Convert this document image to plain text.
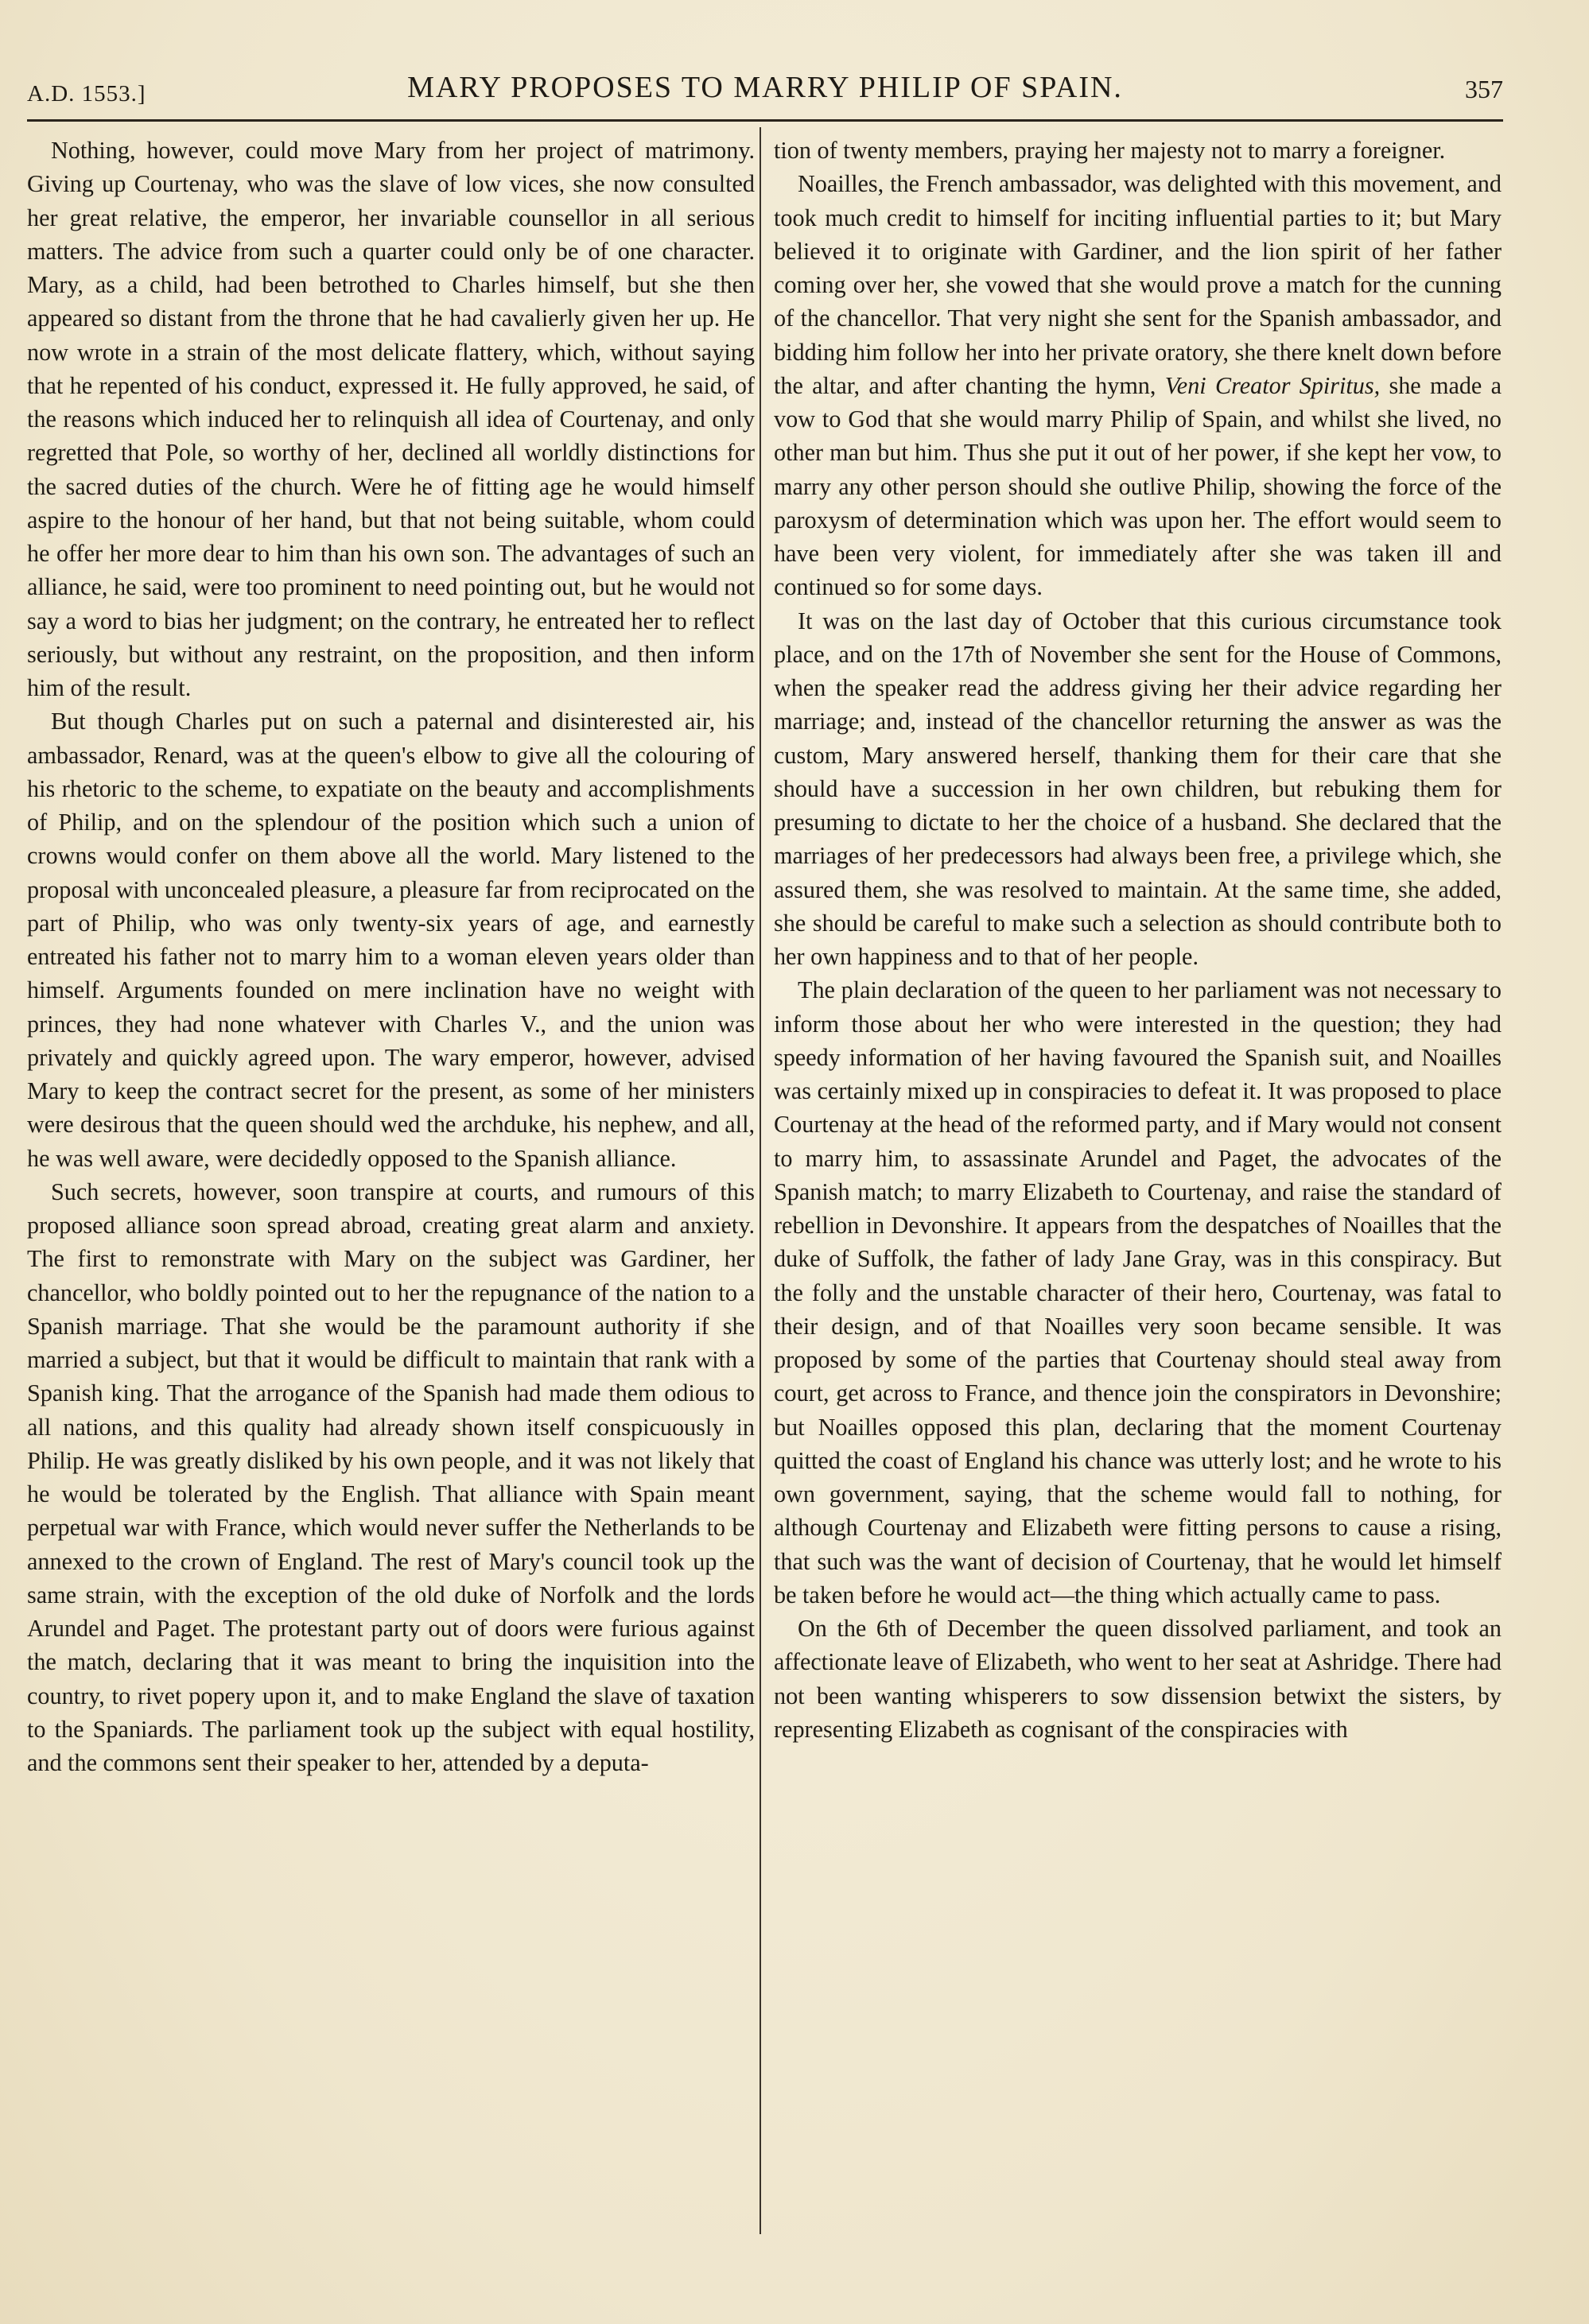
A.D. 1553.]	MARY PROPOSES TO MARRY PHILIP OF SPAIN.	357

Nothing, however, could move Mary from her project of matrimony. Giving up Courtenay, who was the slave of low vices, she now consulted her great relative, the emperor, her invariable counsellor in all serious matters. The advice from such a quarter could only be of one character. Mary, as a child, had been betrothed to Charles himself, but she then appeared so distant from the throne that he had cavalierly given her up. He now wrote in a strain of the most delicate flattery, which, without saying that he repented of his conduct, expressed it. He fully approved, he said, of the reasons which induced her to relinquish all idea of Courtenay, and only regretted that Pole, so worthy of her, declined all worldly distinctions for the sacred duties of the church. Were he of fitting age he would himself aspire to the honour of her hand, but that not being suitable, whom could he offer her more dear to him than his own son. The advantages of such an alliance, he said, were too prominent to need pointing out, but he would not say a word to bias her judgment; on the contrary, he entreated her to reflect seriously, but without any restraint, on the proposition, and then inform him of the result.

But though Charles put on such a paternal and disinterested air, his ambassador, Renard, was at the queen's elbow to give all the colouring of his rhetoric to the scheme, to expatiate on the beauty and accomplishments of Philip, and on the splendour of the position which such a union of crowns would confer on them above all the world. Mary listened to the proposal with unconcealed pleasure, a pleasure far from reciprocated on the part of Philip, who was only twenty-six years of age, and earnestly entreated his father not to marry him to a woman eleven years older than himself. Arguments founded on mere inclination have no weight with princes, they had none whatever with Charles V., and the union was privately and quickly agreed upon. The wary emperor, however, advised Mary to keep the contract secret for the present, as some of her ministers were desirous that the queen should wed the archduke, his nephew, and all, he was well aware, were decidedly opposed to the Spanish alliance.

Such secrets, however, soon transpire at courts, and rumours of this proposed alliance soon spread abroad, creating great alarm and anxiety. The first to remonstrate with Mary on the subject was Gardiner, her chancellor, who boldly pointed out to her the repugnance of the nation to a Spanish marriage. That she would be the paramount authority if she married a subject, but that it would be difficult to maintain that rank with a Spanish king. That the arrogance of the Spanish had made them odious to all nations, and this quality had already shown itself conspicuously in Philip. He was greatly disliked by his own people, and it was not likely that he would be tolerated by the English. That alliance with Spain meant perpetual war with France, which would never suffer the Netherlands to be annexed to the crown of England. The rest of Mary's council took up the same strain, with the exception of the old duke of Norfolk and the lords Arundel and Paget. The protestant party out of doors were furious against the match, declaring that it was meant to bring the inquisition into the country, to rivet popery upon it, and to make England the slave of taxation to the Spaniards. The parliament took up the subject with equal hostility, and the commons sent their speaker to her, attended by a deputa-

tion of twenty members, praying her majesty not to marry a foreigner.

Noailles, the French ambassador, was delighted with this movement, and took much credit to himself for inciting influential parties to it; but Mary believed it to originate with Gardiner, and the lion spirit of her father coming over her, she vowed that she would prove a match for the cunning of the chancellor. That very night she sent for the Spanish ambassador, and bidding him follow her into her private oratory, she there knelt down before the altar, and after chanting the hymn, Veni Creator Spiritus, she made a vow to God that she would marry Philip of Spain, and whilst she lived, no other man but him. Thus she put it out of her power, if she kept her vow, to marry any other person should she outlive Philip, showing the force of the paroxysm of determination which was upon her. The effort would seem to have been very violent, for immediately after she was taken ill and continued so for some days.

It was on the last day of October that this curious circumstance took place, and on the 17th of November she sent for the House of Commons, when the speaker read the address giving her their advice regarding her marriage; and, instead of the chancellor returning the answer as was the custom, Mary answered herself, thanking them for their care that she should have a succession in her own children, but rebuking them for presuming to dictate to her the choice of a husband. She declared that the marriages of her predecessors had always been free, a privilege which, she assured them, she was resolved to maintain. At the same time, she added, she should be careful to make such a selection as should contribute both to her own happiness and to that of her people.

The plain declaration of the queen to her parliament was not necessary to inform those about her who were interested in the question; they had speedy information of her having favoured the Spanish suit, and Noailles was certainly mixed up in conspiracies to defeat it. It was proposed to place Courtenay at the head of the reformed party, and if Mary would not consent to marry him, to assassinate Arundel and Paget, the advocates of the Spanish match; to marry Elizabeth to Courtenay, and raise the standard of rebellion in Devonshire. It appears from the despatches of Noailles that the duke of Suffolk, the father of lady Jane Gray, was in this conspiracy. But the folly and the unstable character of their hero, Courtenay, was fatal to their design, and of that Noailles very soon became sensible. It was proposed by some of the parties that Courtenay should steal away from court, get across to France, and thence join the conspirators in Devonshire; but Noailles opposed this plan, declaring that the moment Courtenay quitted the coast of England his chance was utterly lost; and he wrote to his own government, saying, that the scheme would fall to nothing, for although Courtenay and Elizabeth were fitting persons to cause a rising, that such was the want of decision of Courtenay, that he would let himself be taken before he would act—the thing which actually came to pass.

On the 6th of December the queen dissolved parliament, and took an affectionate leave of Elizabeth, who went to her seat at Ashridge. There had not been wanting whisperers to sow dissension betwixt the sisters, by representing Elizabeth as cognisant of the conspiracies with
